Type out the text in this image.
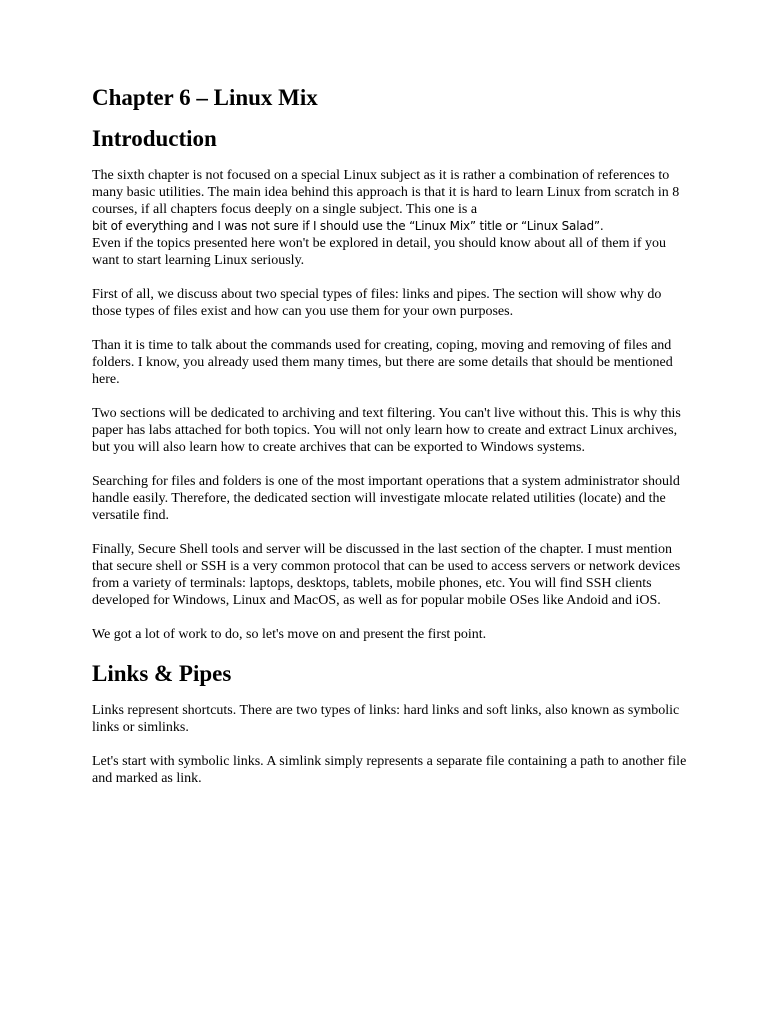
Chapter 6 – Linux Mix
Introduction

The sixth chapter is not focused on a special Linux subject as it is rather a combination of references to many basic utilities. The main idea behind this approach is that it is hard to learn Linux from scratch in 8 courses, if all chapters focus deeply on a single subject. This one is a
bit of everything and I was not sure if I should use the “Linux Mix” title or “Linux Salad”.
Even if the topics presented here won't be explored in detail, you should know about all of them if you want to start learning Linux seriously.

First of all, we discuss about two special types of files: links and pipes. The section will show why do those types of files exist and how can you use them for your own purposes.

Than it is time to talk about the commands used for creating, coping, moving and removing of files and folders. I know, you already used them many times, but there are some details that should be mentioned here.

Two sections will be dedicated to archiving and text filtering. You can't live without this. This is why this paper has labs attached for both topics. You will not only learn how to create and extract Linux archives, but you will also learn how to create archives that can be exported to Windows systems.

Searching for files and folders is one of the most important operations that a system administrator should handle easily. Therefore, the dedicated section will investigate mlocate related utilities (locate) and the versatile find.

Finally, Secure Shell tools and server will be discussed in the last section of the chapter. I must mention that secure shell or SSH is a very common protocol that can be used to access servers or network devices from a variety of terminals: laptops, desktops, tablets, mobile phones, etc. You will find SSH clients developed for Windows, Linux and MacOS, as well as for popular mobile OSes like Andoid and iOS.

We got a lot of work to do, so let's move on and present the first point.

Links & Pipes

Links represent shortcuts. There are two types of links: hard links and soft links, also known as symbolic links or simlinks.

Let's start with symbolic links. A simlink simply represents a separate file containing a path to another file and marked as link.
